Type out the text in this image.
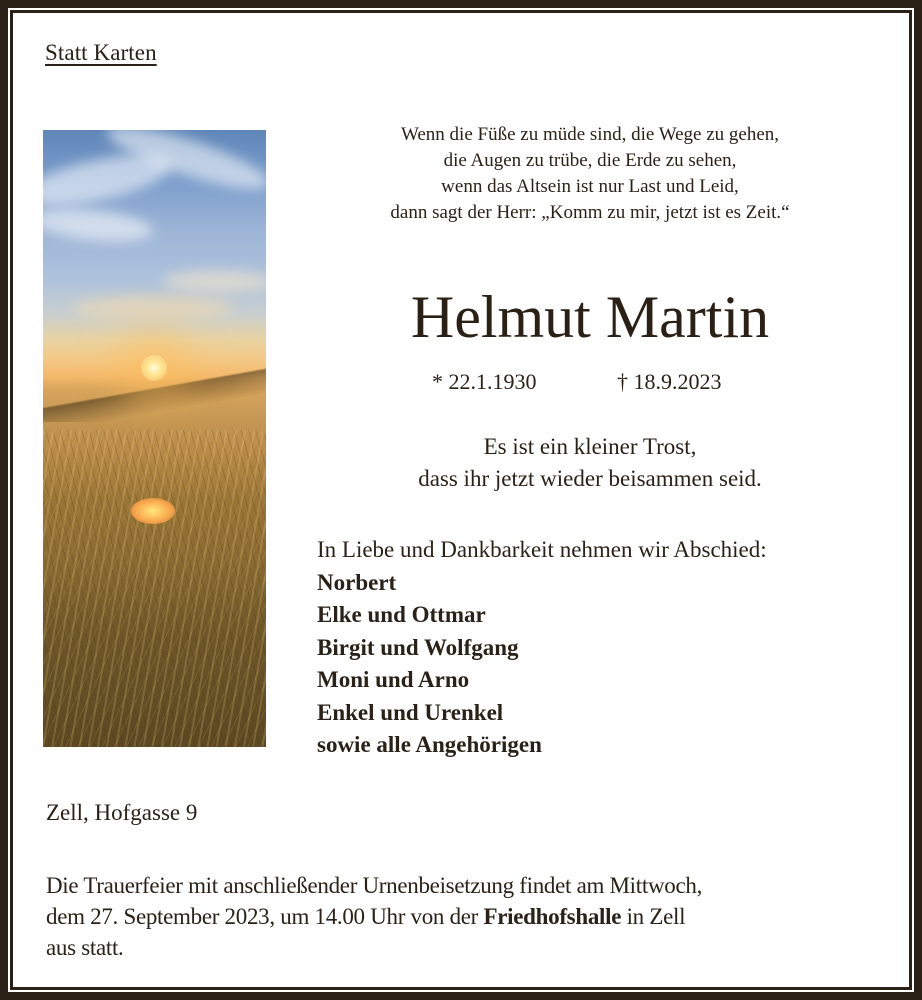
Statt Karten
Wenn die Füße zu müde sind, die Wege zu gehen,
die Augen zu trübe, die Erde zu sehen,
wenn das Altsein ist nur Last und Leid,
dann sagt der Herr: „Komm zu mir, jetzt ist es Zeit.“
Helmut Martin
* 22.1.1930	† 18.9.2023
Es ist ein kleiner Trost,
dass ihr jetzt wieder beisammen seid.
In Liebe und Dankbarkeit nehmen wir Abschied:
Norbert
Elke und Ottmar
Birgit und Wolfgang
Moni und Arno
Enkel und Urenkel
sowie alle Angehörigen
Zell, Hofgasse 9
Die Trauerfeier mit anschließender Urnenbeisetzung findet am Mittwoch,
dem 27. September 2023, um 14.00 Uhr von der Friedhofshalle in Zell
aus statt.
